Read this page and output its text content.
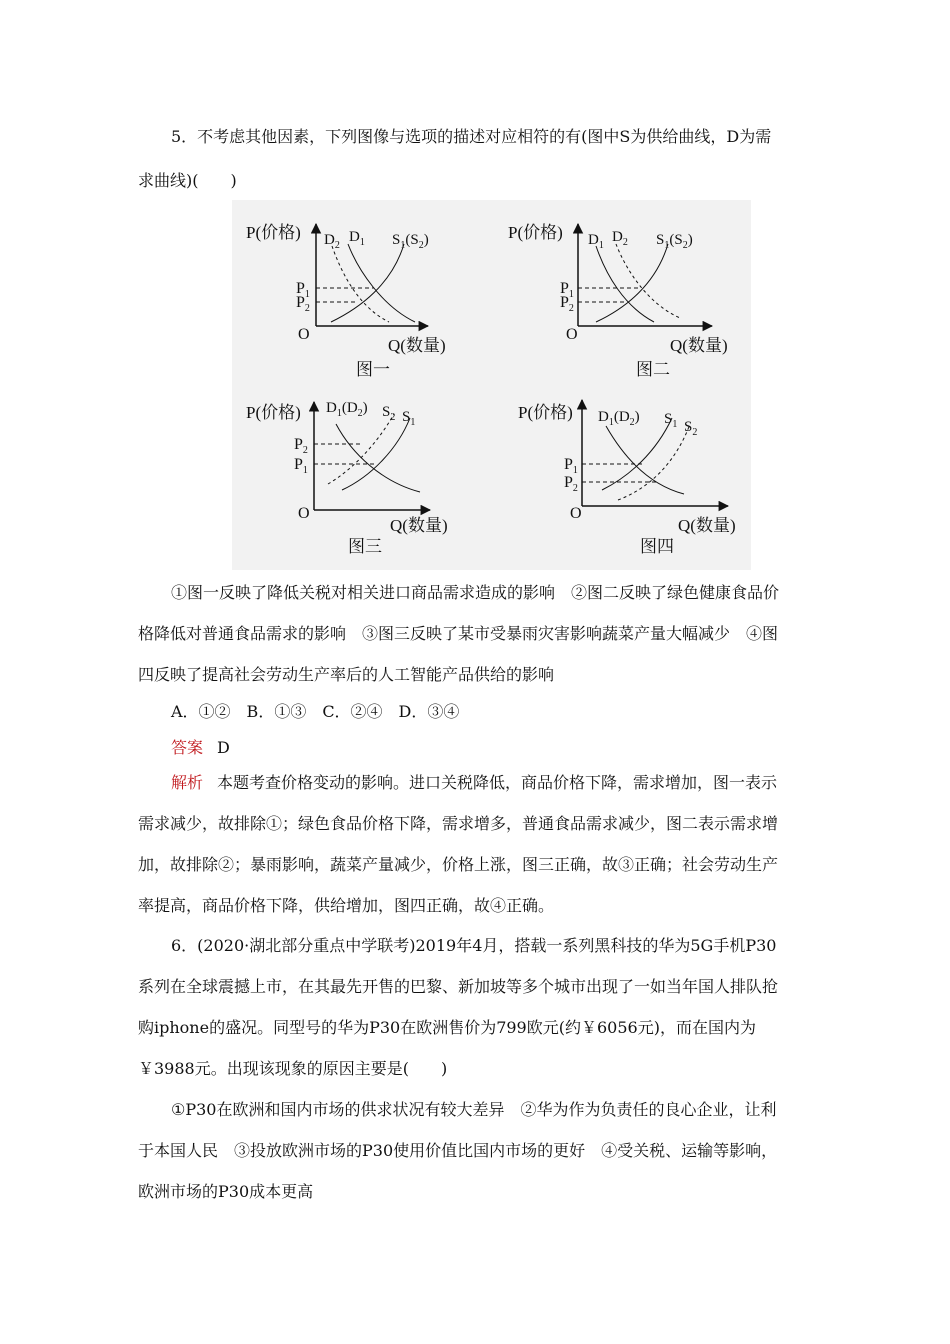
5．不考虑其他因素，下列图像与选项的描述对应相符的有(图中S为供给曲线，D为需
求曲线)(　　)
P(价格)
Q(数量)
O
$P_1$
$P_2$
$D_2$
$D_1$ $S_1(S_2)$
图一
P(价格)
Q(数量)
O
$P_1$
$P_2$
$D_1$
$D_2$ $S_1(S_2)$
图二
P(价格)
Q(数量)
O
$P_2$
$P_1$
$D_1(D_2)$ $S_2$ $S_1$
图三
P(价格)
Q(数量)
O
$P_1$
$P_2$
$D_1(D_2)$ $S_1$ $S_2$
图四
①图一反映了降低关税对相关进口商品需求造成的影响　②图二反映了绿色健康食品价
格降低对普通食品需求的影响　③图三反映了某市受暴雨灾害影响蔬菜产量大幅减少　④图
四反映了提高社会劳动生产率后的人工智能产品供给的影响
A．①②　B．①③　C．②④　D．③④
答案 D
解析 本题考查价格变动的影响。进口关税降低，商品价格下降，需求增加，图一表示
需求减少，故排除①；绿色食品价格下降，需求增多，普通食品需求减少，图二表示需求增
加，故排除②；暴雨影响，蔬菜产量减少，价格上涨，图三正确，故③正确；社会劳动生产
率提高，商品价格下降，供给增加，图四正确，故④正确。
6．(2020·湖北部分重点中学联考)2019年4月，搭载一系列黑科技的华为5G手机P30
系列在全球震撼上市，在其最先开售的巴黎、新加坡等多个城市出现了一如当年国人排队抢
购iphone的盛况。同型号的华为P30在欧洲售价为799欧元(约￥6056元)，而在国内为
￥3988元。出现该现象的原因主要是(　　)
①P30在欧洲和国内市场的供求状况有较大差异　②华为作为负责任的良心企业，让利
于本国人民　③投放欧洲市场的P30使用价值比国内市场的更好　④受关税、运输等影响，
欧洲市场的P30成本更高
